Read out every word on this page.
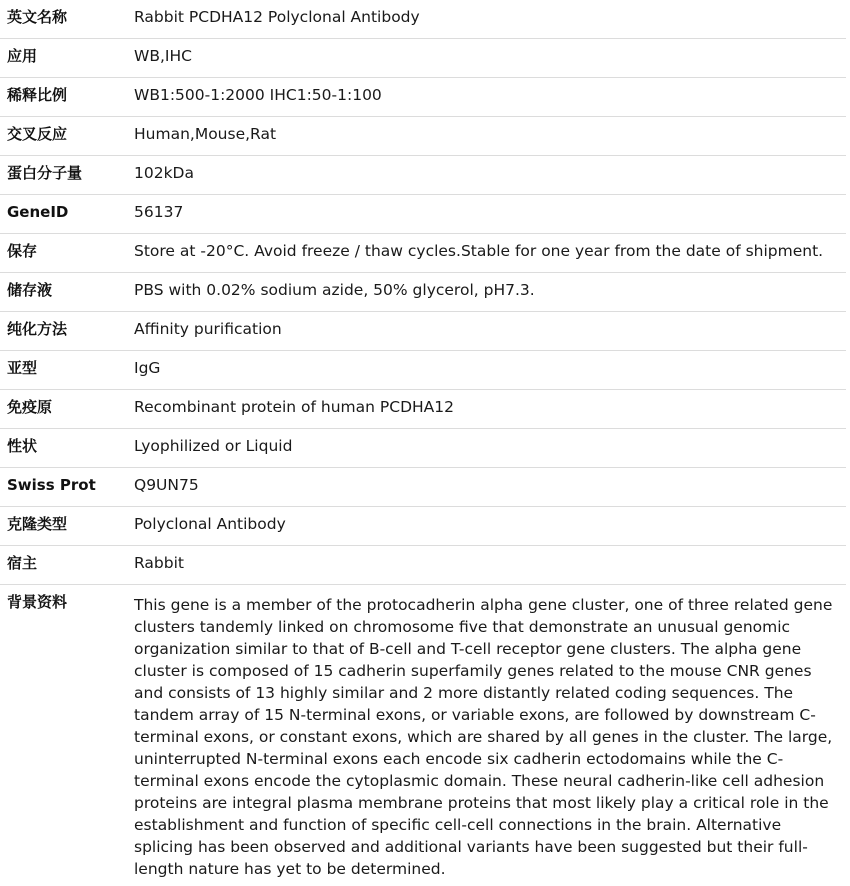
英文名称	Rabbit PCDHA12 Polyclonal Antibody
应用	WB,IHC
稀释比例	WB1:500-1:2000 IHC1:50-1:100
交叉反应	Human,Mouse,Rat
蛋白分子量	102kDa
GeneID	56137
保存	Store at -20°C. Avoid freeze / thaw cycles.Stable for one year from the date of shipment.
储存液	PBS with 0.02% sodium azide, 50% glycerol, pH7.3.
纯化方法	Affinity purification
亚型	IgG
免疫原	Recombinant protein of human PCDHA12
性状	Lyophilized or Liquid
Swiss Prot	Q9UN75
克隆类型	Polyclonal Antibody
宿主	Rabbit
背景资料	This gene is a member of the protocadherin alpha gene cluster, one of three related gene clusters tandemly linked on chromosome five that demonstrate an unusual genomic organization similar to that of B-cell and T-cell receptor gene clusters. The alpha gene cluster is composed of 15 cadherin superfamily genes related to the mouse CNR genes and consists of 13 highly similar and 2 more distantly related coding sequences. The tandem array of 15 N-terminal exons, or variable exons, are followed by downstream C-terminal exons, or constant exons, which are shared by all genes in the cluster. The large, uninterrupted N-terminal exons each encode six cadherin ectodomains while the C-terminal exons encode the cytoplasmic domain. These neural cadherin-like cell adhesion proteins are integral plasma membrane proteins that most likely play a critical role in the establishment and function of specific cell-cell connections in the brain. Alternative splicing has been observed and additional variants have been suggested but their full-length nature has yet to be determined.
